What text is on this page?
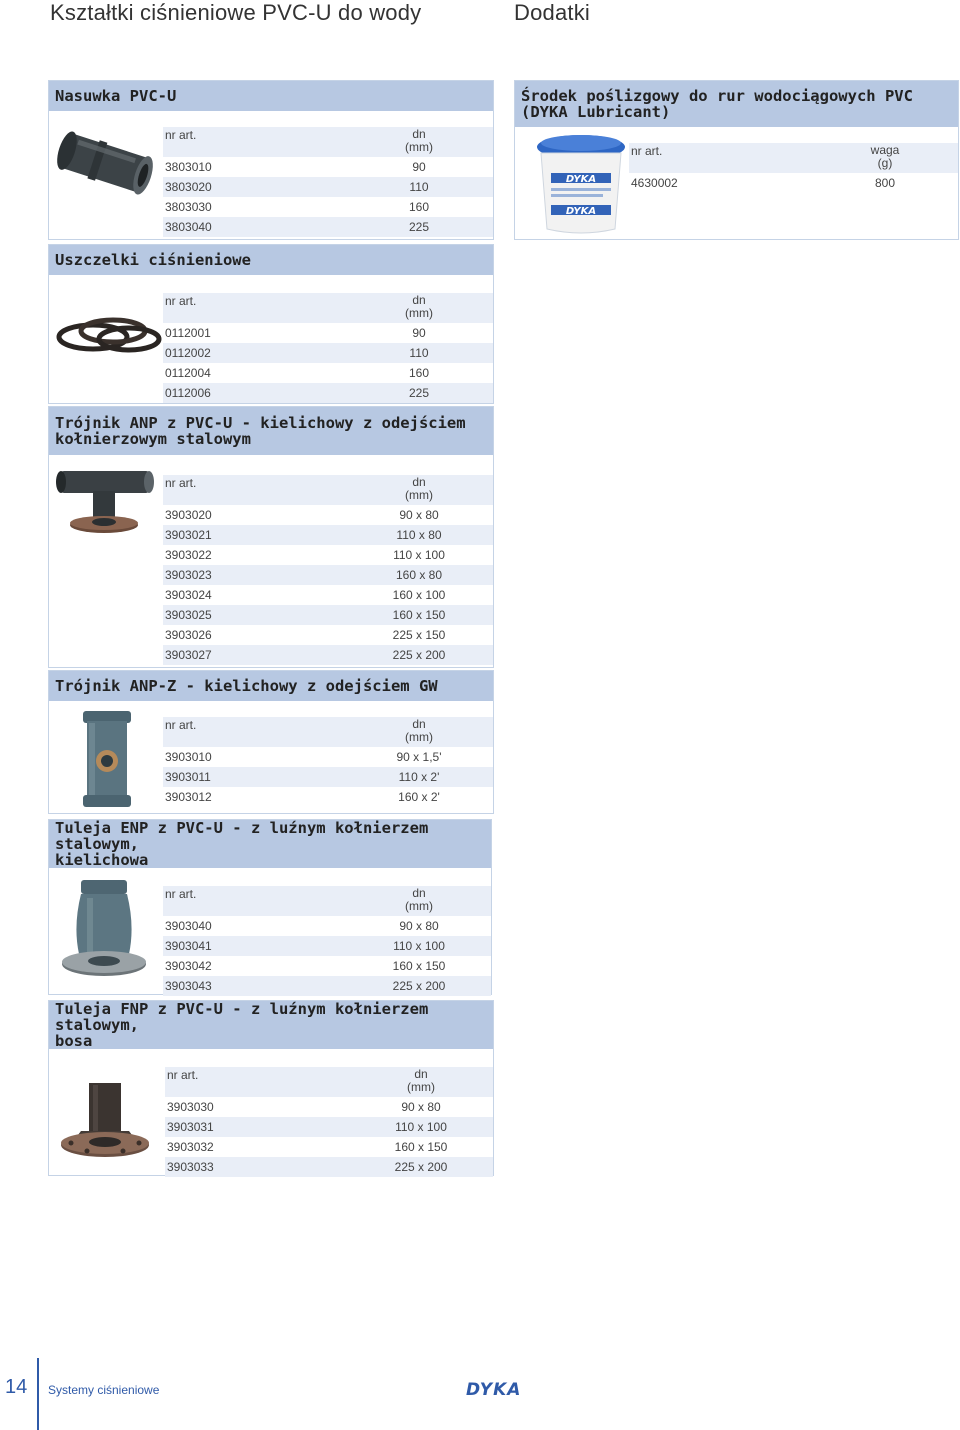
Kształtki ciśnieniowe PVC-U do wody	Dodatki
Nasuwka PVC-U
nr art.	dn
(mm)
3803010	90
3803020	110
3803030	160
3803040	225
Środek poślizgowy do rur wodociągowych PVC
(DYKA Lubricant)
DYKA
DYKA
nr art.	waga
(g)
4630002	800
Uszczelki ciśnieniowe
nr art.	dn
(mm)
0112001	90
0112002	110
0112004	160
0112006	225
Trójnik ANP z PVC-U - kielichowy z odejściem
kołnierzowym stalowym
nr art.	dn
(mm)
3903020	90 x 80
3903021	110 x 80
3903022	110 x 100
3903023	160 x 80
3903024	160 x 100
3903025	160 x 150
3903026	225 x 150
3903027	225 x 200
Trójnik ANP-Z - kielichowy z odejściem GW
nr art.	dn
(mm)
3903010	90 x 1,5'
3903011	110 x 2'
3903012	160 x 2'
Tuleja ENP z PVC-U - z luźnym kołnierzem stalowym,
kielichowa
nr art.	dn
(mm)
3903040	90 x 80
3903041	110 x 100
3903042	160 x 150
3903043	225 x 200
Tuleja FNP z PVC-U - z luźnym kołnierzem stalowym,
bosa
nr art.	dn
(mm)
3903030	90 x 80
3903031	110 x 100
3903032	160 x 150
3903033	225 x 200
14 Systemy ciśnieniowe	DYKA
